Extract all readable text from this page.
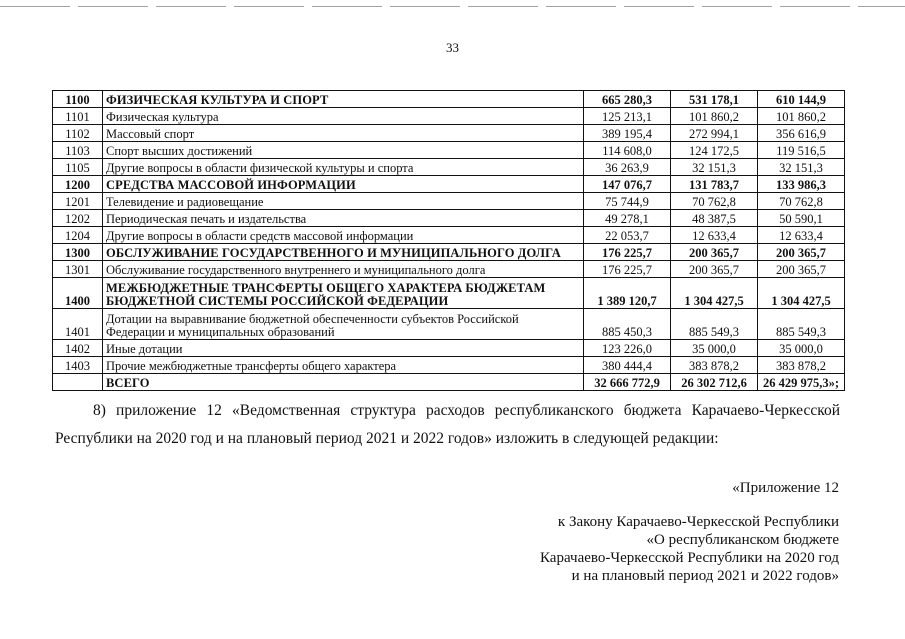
33
1100	ФИЗИЧЕСКАЯ КУЛЬТУРА И СПОРТ	665 280,3	531 178,1	610 144,9
1101	Физическая культура	125 213,1	101 860,2	101 860,2
1102	Массовый спорт	389 195,4	272 994,1	356 616,9
1103	Спорт высших достижений	114 608,0	124 172,5	119 516,5
1105	Другие вопросы в области физической культуры и спорта	36 263,9	32 151,3	32 151,3
1200	СРЕДСТВА МАССОВОЙ ИНФОРМАЦИИ	147 076,7	131 783,7	133 986,3
1201	Телевидение и радиовещание	75 744,9	70 762,8	70 762,8
1202	Периодическая печать и издательства	49 278,1	48 387,5	50 590,1
1204	Другие вопросы в области средств массовой информации	22 053,7	12 633,4	12 633,4
1300	ОБСЛУЖИВАНИЕ ГОСУДАРСТВЕННОГО И МУНИЦИПАЛЬНОГО ДОЛГА	176 225,7	200 365,7	200 365,7
1301	Обслуживание государственного внутреннего и муниципального долга	176 225,7	200 365,7	200 365,7
1400	МЕЖБЮДЖЕТНЫЕ ТРАНСФЕРТЫ ОБЩЕГО ХАРАКТЕРА БЮДЖЕТАМ БЮДЖЕТНОЙ СИСТЕМЫ РОССИЙСКОЙ ФЕДЕРАЦИИ	1 389 120,7	1 304 427,5	1 304 427,5
1401	Дотации на выравнивание бюджетной обеспеченности субъектов Российской Федерации и муниципальных образований	885 450,3	885 549,3	885 549,3
1402	Иные дотации	123 226,0	35 000,0	35 000,0
1403	Прочие межбюджетные трансферты общего характера	380 444,4	383 878,2	383 878,2
	ВСЕГО	32 666 772,9	26 302 712,6	26 429 975,3»;
8) приложение 12 «Ведомственная структура расходов республиканского бюджета Карачаево-Черкесской
Республики на 2020 год и на плановый период 2021 и 2022 годов» изложить в следующей редакции:
«Приложение 12
к Закону Карачаево-Черкесской Республики
«О республиканском бюджете
Карачаево-Черкесской Республики на 2020 год
и на плановый период 2021 и 2022 годов»
